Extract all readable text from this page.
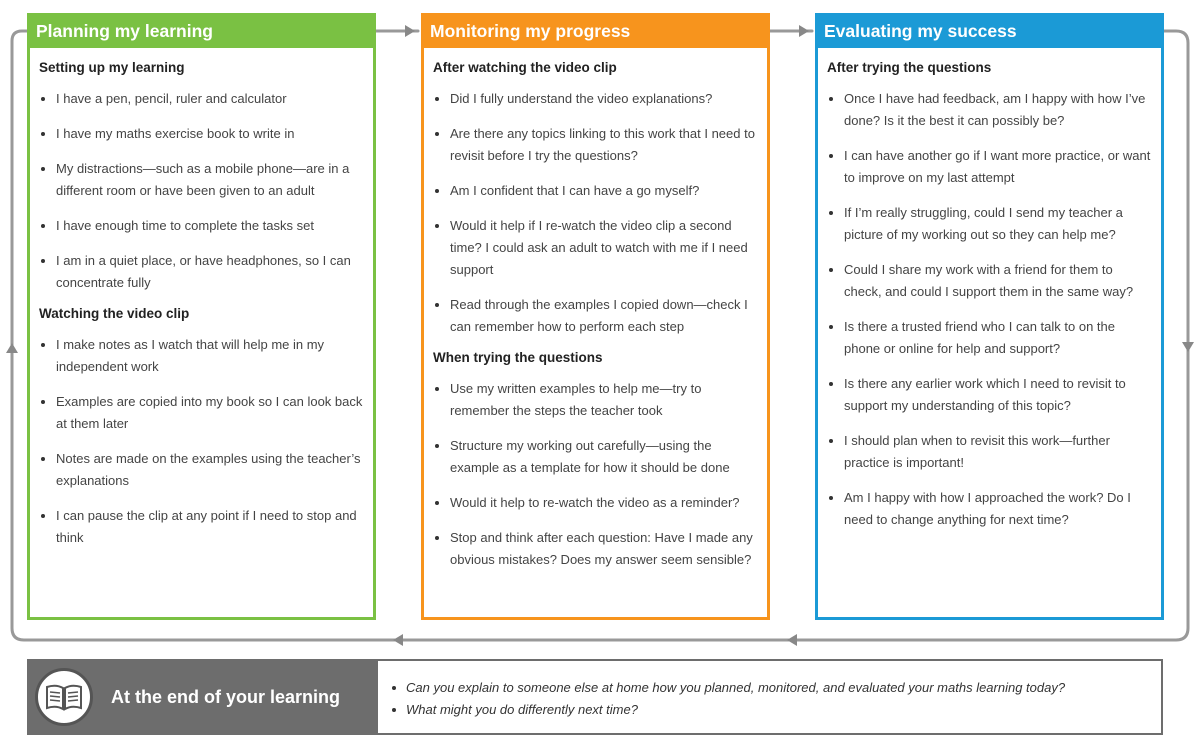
Planning my learning
Setting up my learning
I have a pen, pencil, ruler and calculator
I have my maths exercise book to write in
My distractions—such as a mobile phone—are in a different room or have been given to an adult
I have enough time to complete the tasks set
I am in a quiet place, or have headphones, so I can concentrate fully
Watching the video clip
I make notes as I watch that will help me in my independent work
Examples are copied into my book so I can look back at them later
Notes are made on the examples using the teacher’s explanations
I can pause the clip at any point if I need to stop and think
Monitoring my progress
After watching the video clip
Did I fully understand the video explanations?
Are there any topics linking to this work that I need to revisit before I try the questions?
Am I confident that I can have a go myself?
Would it help if I re-watch the video clip a second time? I could ask an adult to watch with me if I need support
Read through the examples I copied down—check I can remember how to perform each step
When trying the questions
Use my written examples to help me—try to remember the steps the teacher took
Structure my working out carefully—using the example as a template for how it should be done
Would it help to re-watch the video as a reminder?
Stop and think after each question: Have I made any obvious mistakes? Does my answer seem sensible?
Evaluating my success
After trying the questions
Once I have had feedback, am I happy with how I’ve done? Is it the best it can possibly be?
I can have another go if I want more practice, or want to improve on my last attempt
If I’m really struggling, could I send my teacher a picture of my working out so they can help me?
Could I share my work with a friend for them to check, and could I support them in the same way?
Is there a trusted friend who I can talk to on the phone or online for help and support?
Is there any earlier work which I need to revisit to support my understanding of this topic?
I should plan when to revisit this work—further practice is important!
Am I happy with how I approached the work? Do I need to change anything for next time?
At the end of your learning	Can you explain to someone else at home how you planned, monitored, and evaluated your maths learning today?
What might you do differently next time?
